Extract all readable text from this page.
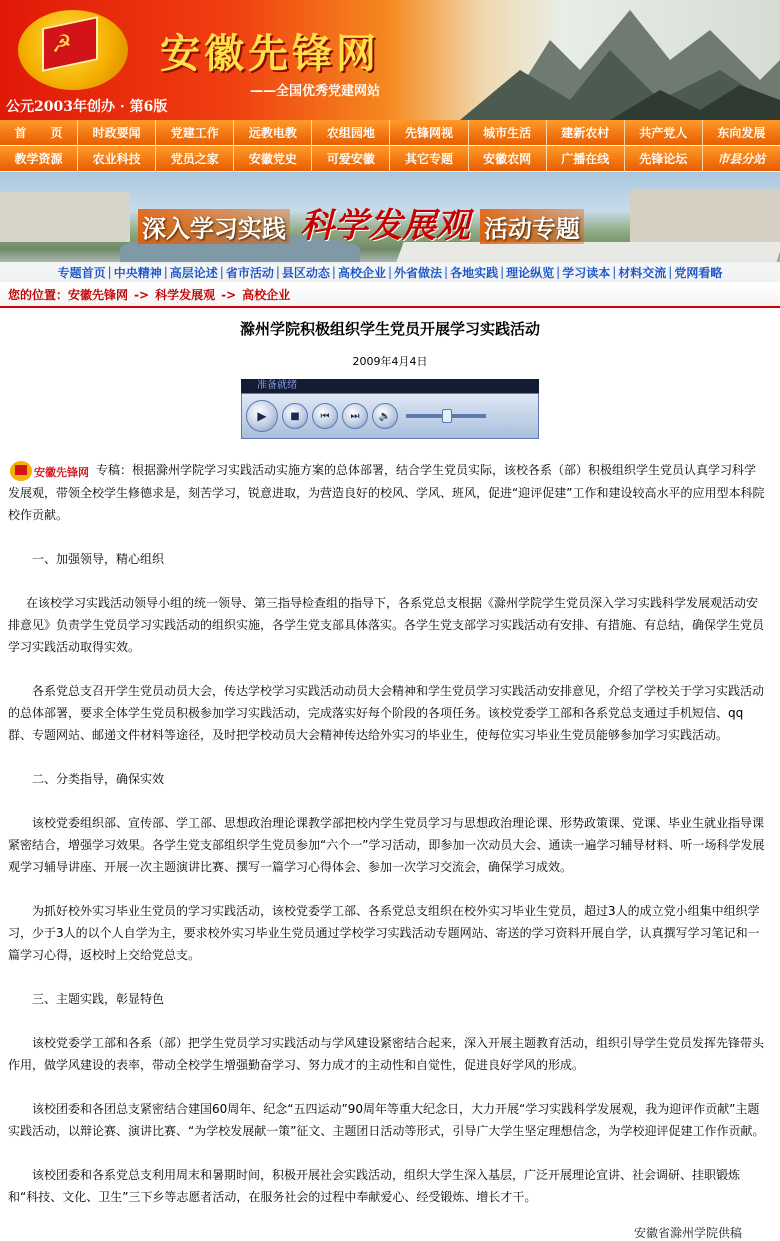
☭ 安徽先锋网
——全国优秀党建网站
公元2003年创办 · 第6版
首　　页	时政要闻	党建工作	远教电教	农组园地	先锋网视	城市生活	建新农村	共产党人	东向发展
教学资源	农业科技	党员之家	安徽党史	可爱安徽	其它专题	安徽农网	广播在线	先锋论坛	市县分站
深入学习实践 科学发展观 活动专题
专题首页 | 中央精神 | 高层论述 | 省市活动 | 县区动态 | 高校企业 | 外省做法 | 各地实践 | 理论纵览 | 学习读本 | 材料交流 | 党网看略
您的位置：安徽先锋网 -> 科学发展观 -> 高校企业
滁州学院积极组织学生党员开展学习实践活动
2009年4月4日
准备就绪
▶	■	⏮	⏭	🔈

安徽先锋网 专稿：根据滁州学院学习实践活动实施方案的总体部署，结合学生党员实际，该校各系（部）积极组织学生党员认真学习科学发展观，带领全校学生修德求是，刻苦学习，锐意进取，为营造良好的校风、学风、班风，促进“迎评促建”工作和建设较高水平的应用型本科院校作贡献。

一、加强领导，精心组织

在该校学习实践活动领导小组的统一领导、第三指导检查组的指导下，各系党总支根据《滁州学院学生党员深入学习实践科学发展观活动安排意见》负责学生党员学习实践活动的组织实施，各学生党支部具体落实。各学生党支部学习实践活动有安排、有措施、有总结，确保学生党员学习实践活动取得实效。

各系党总支召开学生党员动员大会，传达学校学习实践活动动员大会精神和学生党员学习实践活动安排意见，介绍了学校关于学习实践活动的总体部署，要求全体学生党员积极参加学习实践活动，完成落实好每个阶段的各项任务。该校党委学工部和各系党总支通过手机短信、qq群、专题网站、邮递文件材料等途径，及时把学校动员大会精神传达给外实习的毕业生，使每位实习毕业生党员能够参加学习实践活动。

二、分类指导，确保实效

该校党委组织部、宣传部、学工部、思想政治理论课教学部把校内学生党员学习与思想政治理论课、形势政策课、党课、毕业生就业指导课紧密结合，增强学习效果。各学生党支部组织学生党员参加“六个一”学习活动，即参加一次动员大会、通读一遍学习辅导材料、听一场科学发展观学习辅导讲座、开展一次主题演讲比赛、撰写一篇学习心得体会、参加一次学习交流会，确保学习成效。

为抓好校外实习毕业生党员的学习实践活动，该校党委学工部、各系党总支组织在校外实习毕业生党员，超过3人的成立党小组集中组织学习，少于3人的以个人自学为主，要求校外实习毕业生党员通过学校学习实践活动专题网站、寄送的学习资料开展自学，认真撰写学习笔记和一篇学习心得，返校时上交给党总支。

三、主题实践，彰显特色

该校党委学工部和各系（部）把学生党员学习实践活动与学风建设紧密结合起来，深入开展主题教育活动，组织引导学生党员发挥先锋带头作用，做学风建设的表率，带动全校学生增强勤奋学习、努力成才的主动性和自觉性，促进良好学风的形成。

该校团委和各团总支紧密结合建国60周年、纪念“五四运动”90周年等重大纪念日，大力开展“学习实践科学发展观，我为迎评作贡献”主题实践活动，以辩论赛、演讲比赛、“为学校发展献一策”征文、主题团日活动等形式，引导广大学生坚定理想信念，为学校迎评促建工作作贡献。

该校团委和各系党总支利用周末和暑期时间，积极开展社会实践活动，组织大学生深入基层，广泛开展理论宣讲、社会调研、挂职锻炼和“科技、文化、卫生”三下乡等志愿者活动，在服务社会的过程中奉献爱心、经受锻炼、增长才干。

安徽省滁州学院供稿
